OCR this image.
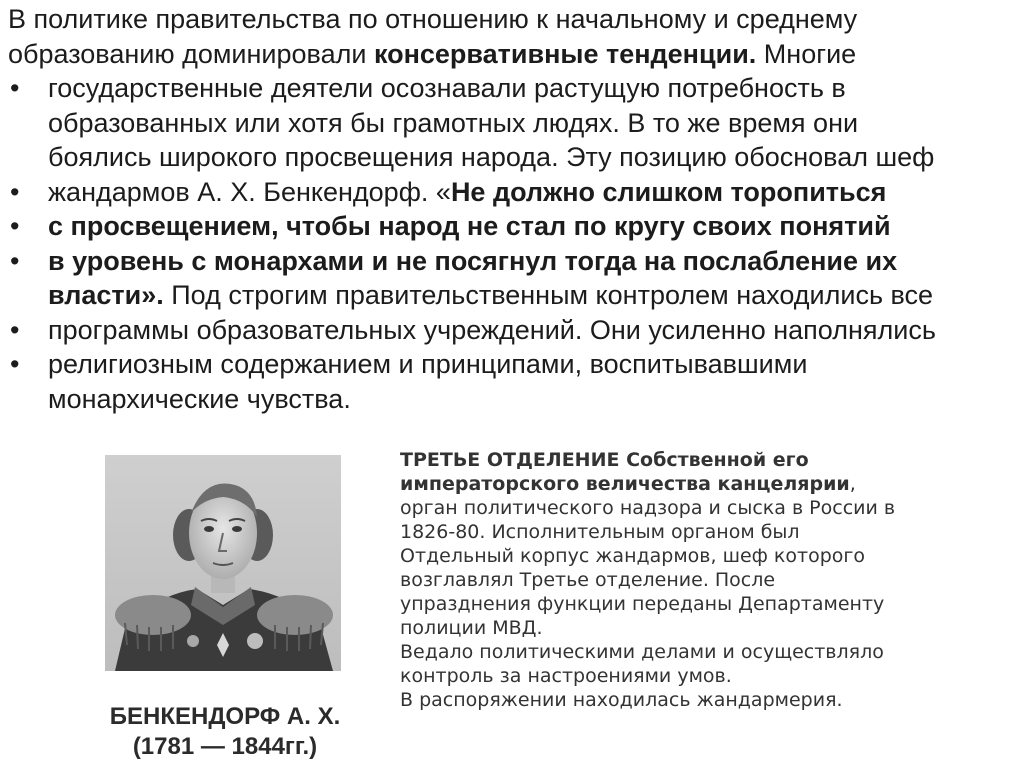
В политике правительства по отношению к начальному и среднему
образованию доминировали консервативные тенденции. Многие
•	государственные деятели осознавали растущую потребность в
образованных или хотя бы грамотных людях. В то же время они
боялись широкого просвещения народа. Эту позицию обосновал шеф
•	жандармов А. Х. Бенкендорф. «Не должно слишком торопиться
•	с просвещением, чтобы народ не стал по кругу своих понятий
•	в уровень с монархами и не посягнул тогда на послабление их
власти». Под строгим правительственным контролем находились все
•	программы образовательных учреждений. Они усиленно наполнялись
•	религиозным содержанием и принципами, воспитывавшими
монархические чувства.
БЕНКЕНДОРФ А. Х.
(1781 — 1844гг.)
ТРЕТЬЕ ОТДЕЛЕНИЕ Собственной его
императорского величества канцелярии,
орган политического надзора и сыска в России в
1826-80. Исполнительным органом был
Отдельный корпус жандармов, шеф которого
возглавлял Третье отделение. После
упразднения функции переданы Департаменту
полиции МВД.
Ведало политическими делами и осуществляло
контроль за настроениями умов.
В распоряжении находилась жандармерия.
